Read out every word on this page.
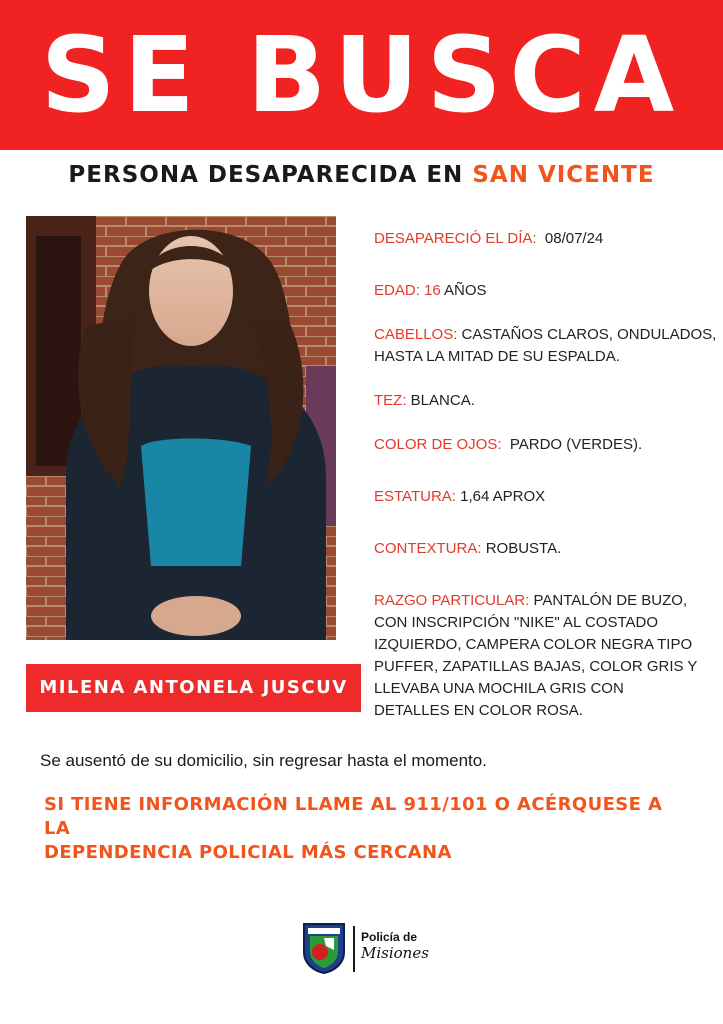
SE BUSCA
PERSONA DESAPARECIDA EN SAN VICENTE
MILENA ANTONELA JUSCUV
DESAPARECIÓ EL DÍA: 08/07/24
EDAD: 16 AÑOS
CABELLOS: CASTAÑOS CLAROS, ONDULADOS,
HASTA LA MITAD DE SU ESPALDA.
TEZ: BLANCA.
COLOR DE OJOS: PARDO (VERDES).
ESTATURA: 1,64 APROX
CONTEXTURA: ROBUSTA.
RAZGO PARTICULAR: PANTALÓN DE BUZO,
CON INSCRIPCIÓN "NIKE" AL COSTADO
IZQUIERDO, CAMPERA COLOR NEGRA TIPO
PUFFER, ZAPATILLAS BAJAS, COLOR GRIS Y
LLEVABA UNA MOCHILA GRIS CON
DETALLES EN COLOR ROSA.
Se ausentó de su domicilio, sin regresar hasta el momento.
SI TIENE INFORMACIÓN LLAME AL 911/101 O ACÉRQUESE A LA
DEPENDENCIA POLICIAL MÁS CERCANA
Policía de
Misiones
